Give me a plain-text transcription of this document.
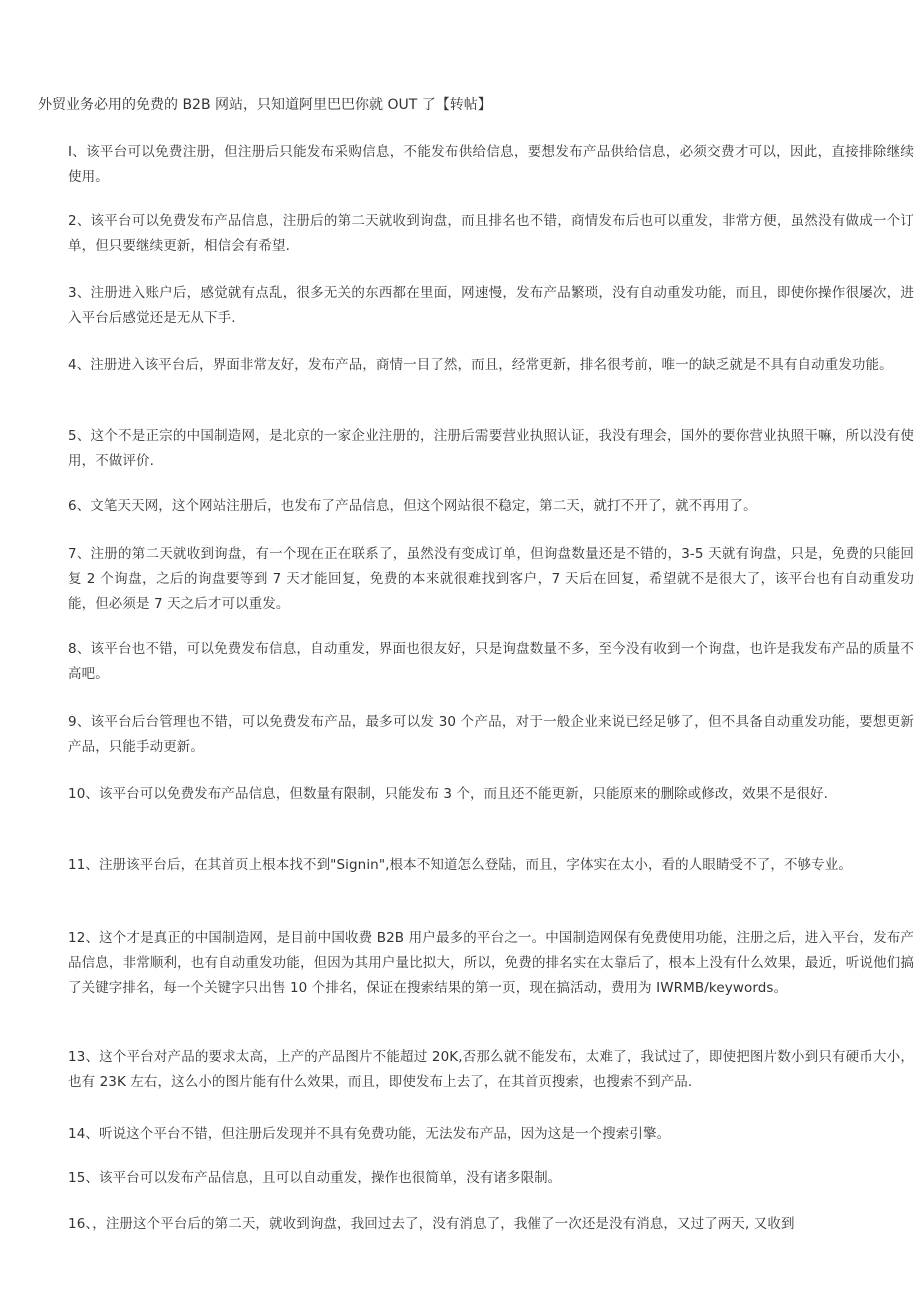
外贸业务必用的免费的 B2B 网站，只知道阿里巴巴你就 OUT 了【转帖】

I、该平台可以免费注册，但注册后只能发布采购信息，不能发布供给信息，要想发布产品供给信息，必须交费才可以，因此，直接排除继续使用。

2、该平台可以免费发布产品信息，注册后的第二天就收到询盘，而且排名也不错，商情发布后也可以重发，非常方便，虽然没有做成一个订单，但只要继续更新，相信会有希望.

3、注册进入账户后，感觉就有点乱，很多无关的东西都在里面，网速慢，发布产品繁琐，没有自动重发功能，而且，即使你操作很屡次，进入平台后感觉还是无从下手.

4、注册进入该平台后，界面非常友好，发布产品，商情一目了然，而且，经常更新，排名很考前，唯一的缺乏就是不具有自动重发功能。

5、这个不是正宗的中国制造网，是北京的一家企业注册的，注册后需要营业执照认证，我没有理会，国外的要你营业执照干嘛，所以没有使用，不做评价.

6、文笔天天网，这个网站注册后，也发布了产品信息，但这个网站很不稳定，第二天，就打不开了，就不再用了。

7、注册的第二天就收到询盘，有一个现在正在联系了，虽然没有变成订单，但询盘数量还是不错的，3-5 天就有询盘，只是，免费的只能回复 2 个询盘，之后的询盘要等到 7 天才能回复，免费的本来就很难找到客户，7 天后在回复，希望就不是很大了，该平台也有自动重发功能，但必须是 7 天之后才可以重发。

8、该平台也不错，可以免费发布信息，自动重发，界面也很友好，只是询盘数量不多，至今没有收到一个询盘，也许是我发布产品的质量不高吧。

9、该平台后台管理也不错，可以免费发布产品，最多可以发 30 个产品，对于一般企业来说已经足够了，但不具备自动重发功能，要想更新产品，只能手动更新。

10、该平台可以免费发布产品信息，但数量有限制，只能发布 3 个，而且还不能更新，只能原来的删除或修改，效果不是很好.

11、注册该平台后，在其首页上根本找不到"Signin",根本不知道怎么登陆，而且，字体实在太小，看的人眼睛受不了，不够专业。

12、这个才是真正的中国制造网，是目前中国收费 B2B 用户最多的平台之一。中国制造网保有免费使用功能，注册之后，进入平台，发布产品信息，非常顺利，也有自动重发功能，但因为其用户量比拟大，所以，免费的排名实在太靠后了，根本上没有什么效果，最近，听说他们搞了关键字排名，每一个关键字只出售 10 个排名，保证在搜索结果的第一页，现在搞活动，费用为 IWRMB/keywords。

13、这个平台对产品的要求太高，上产的产品图片不能超过 20K,否那么就不能发布，太难了，我试过了，即使把图片数小到只有硬币大小，也有 23K 左右，这么小的图片能有什么效果，而且，即使发布上去了，在其首页搜索，也搜索不到产品.

14、听说这个平台不错，但注册后发现并不具有免费功能，无法发布产品，因为这是一个搜索引擎。

15、该平台可以发布产品信息，且可以自动重发，操作也很简单，没有诸多限制。

16、，注册这个平台后的第二天，就收到询盘，我回过去了，没有消息了，我催了一次还是没有消息，又过了两天, 又收到
